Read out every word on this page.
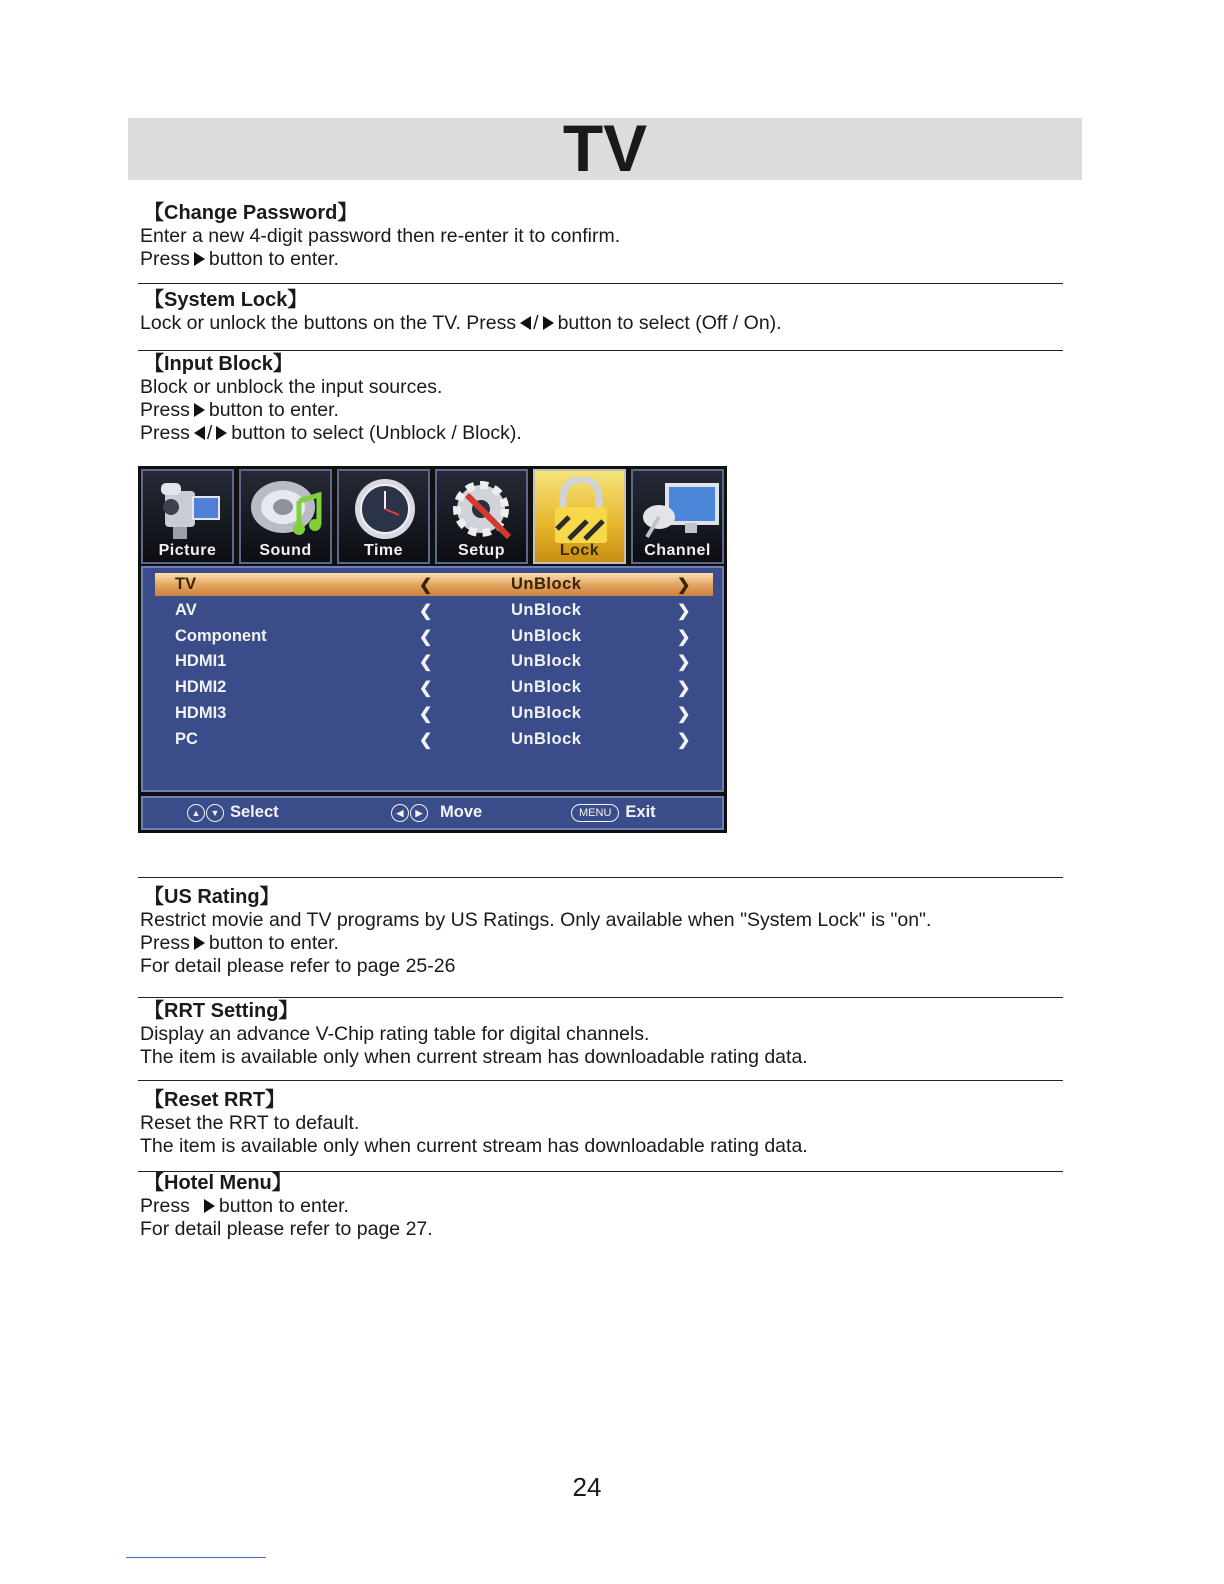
TV
【Change Password】
Enter a new 4-digit password then re-enter it to confirm.
Press button to enter.
【System Lock】
Lock or unlock the buttons on the TV. Press / button to select (Off / On).
【Input Block】
Block or unblock the input sources.
Press button to enter.
Press / button to select (Unblock / Block).
Picture	Sound	Time	Setup	Lock	Channel
TV	❮	UnBlock	❯
AV	❮	UnBlock	❯
Component	❮	UnBlock	❯
HDMI1	❮	UnBlock	❯
HDMI2	❮	UnBlock	❯
HDMI3	❮	UnBlock	❯
PC	❮	UnBlock	❯
▲	▼ Select	◀	▶	Move	MENU Exit
【US Rating】
Restrict movie and TV programs by US Ratings. Only available when "System Lock" is "on".
Press button to enter.
For detail please refer to page 25-26
【RRT Setting】
Display an advance V-Chip rating table for digital channels.
The item is available only when current stream has downloadable rating data.
【Reset RRT】
Reset the RRT to default.
The item is available only when current stream has downloadable rating data.
【Hotel Menu】
Press button to enter.
For detail please refer to page 27.
24
